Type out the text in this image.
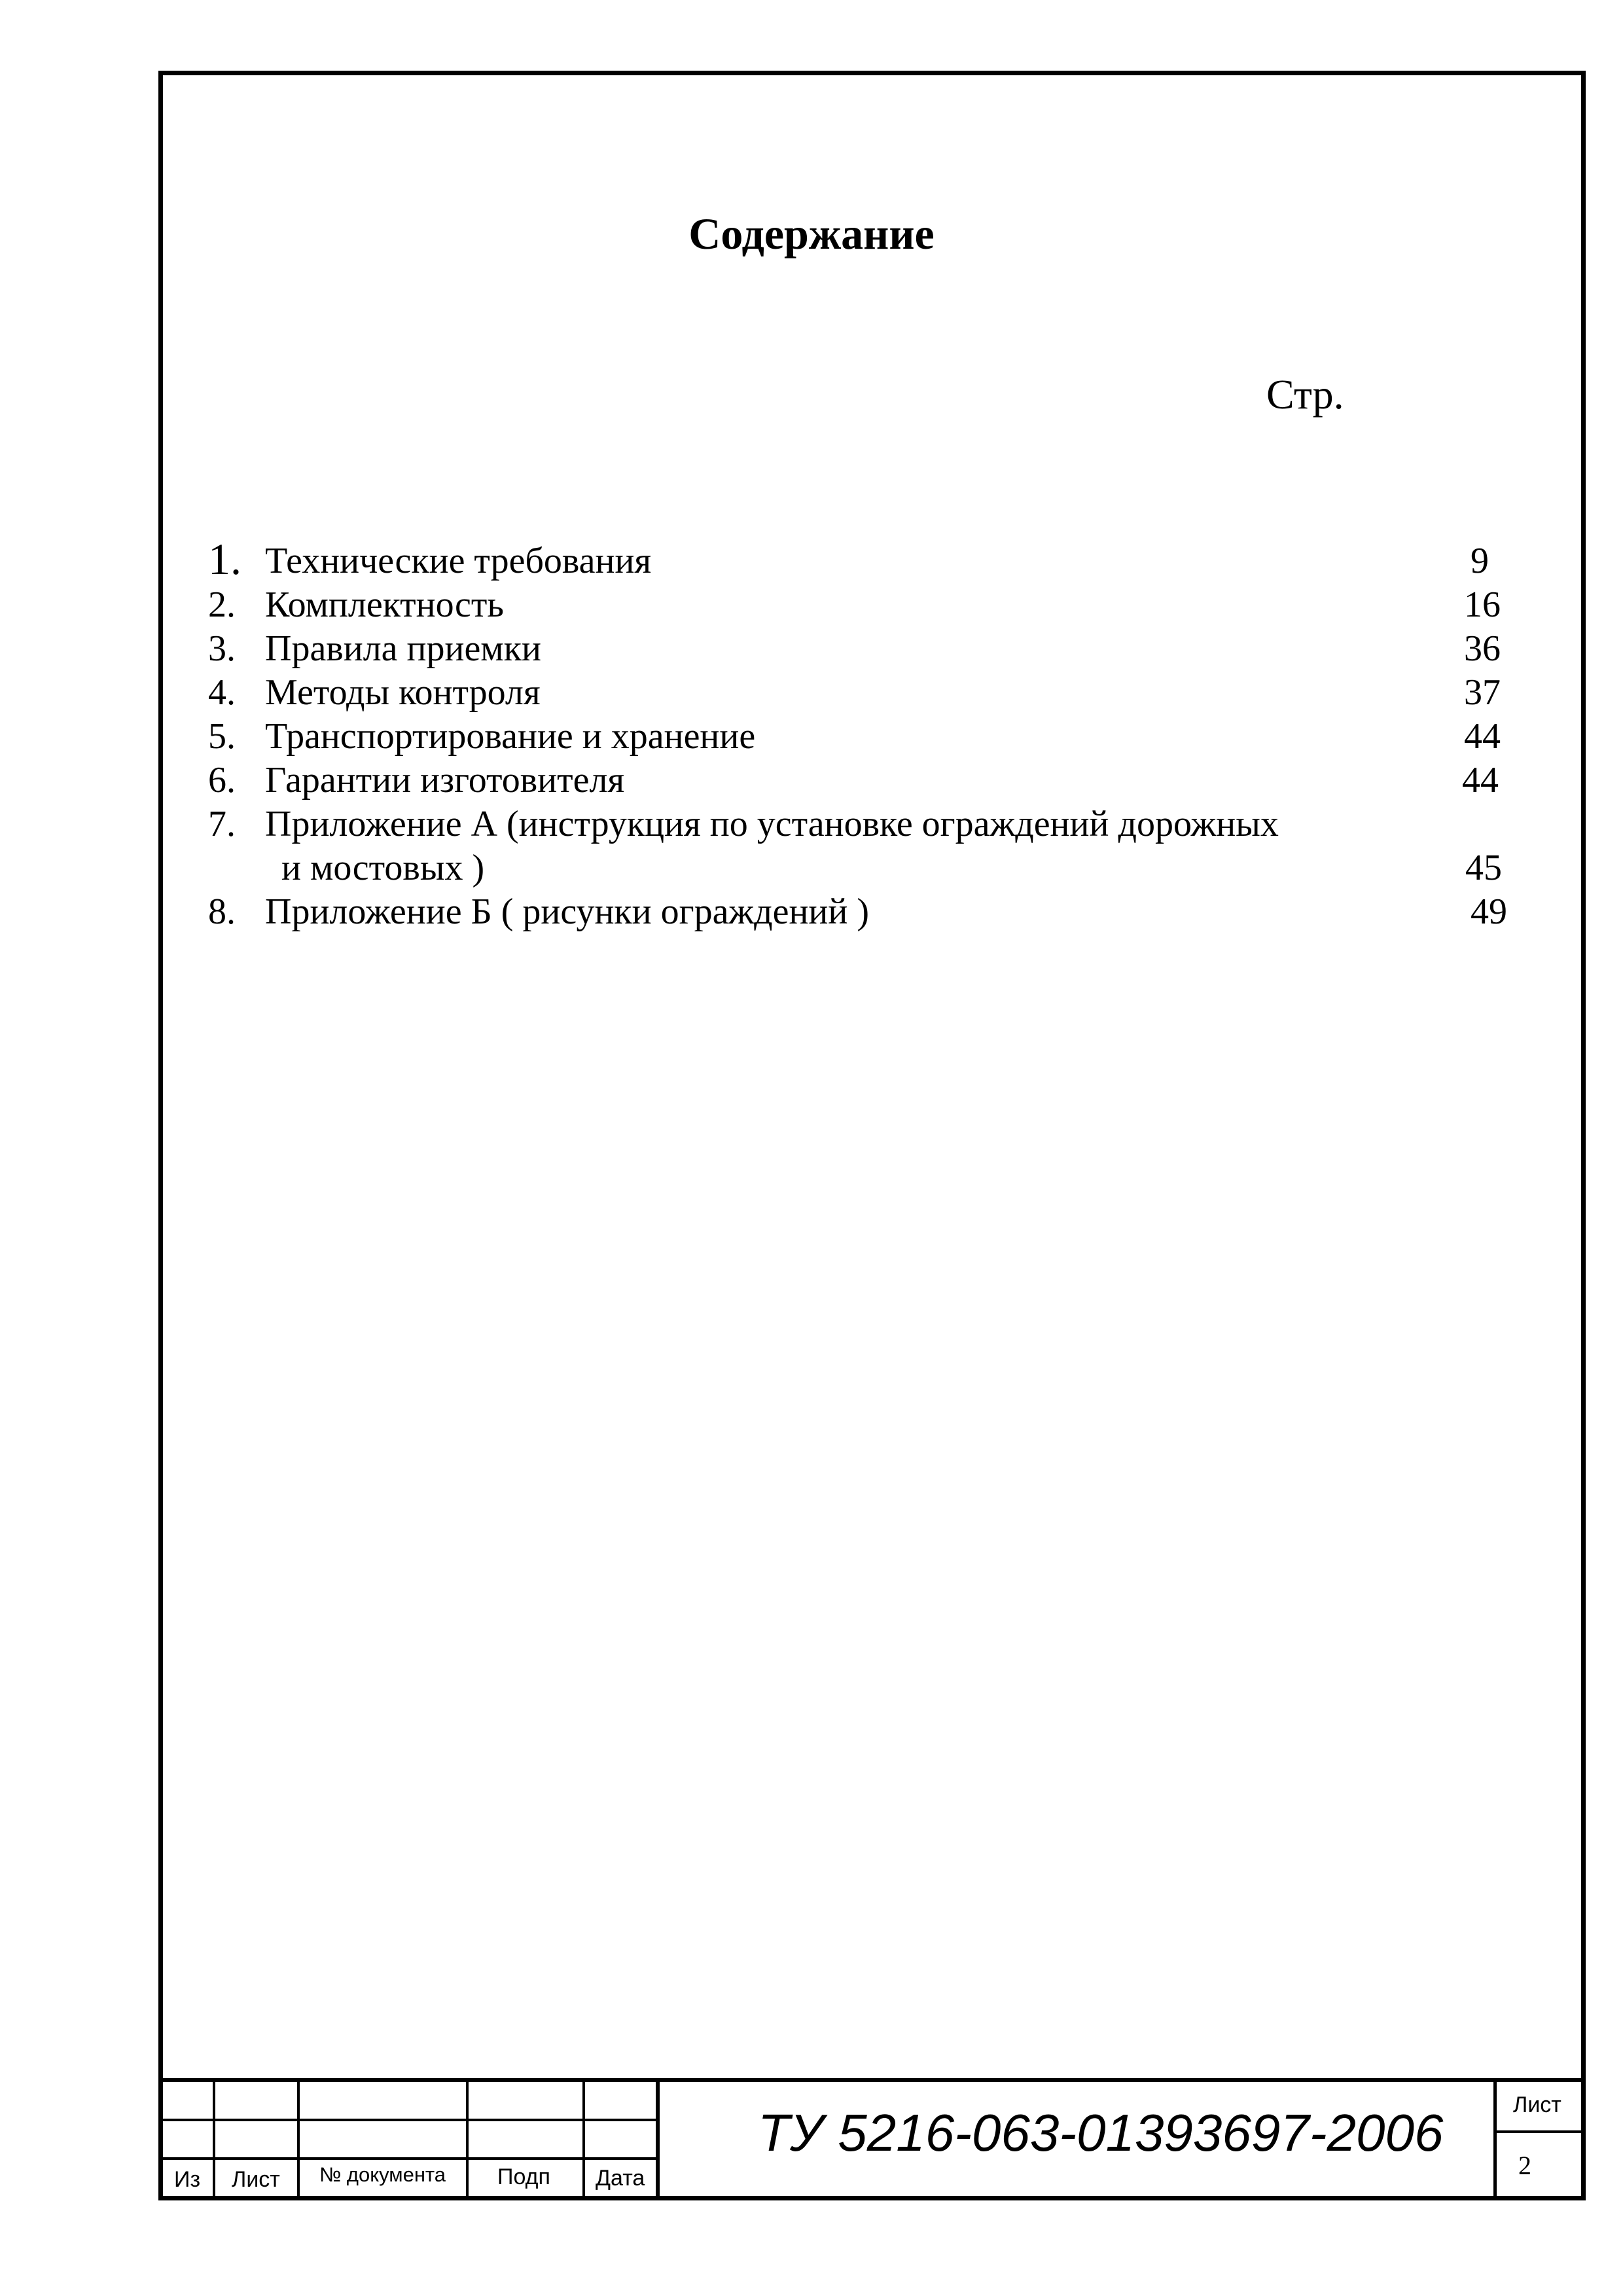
Содержание
Стр.
1. Технические требования	9
2. Комплектность	16
3. Правила приемки	36
4. Методы контроля	37
5. Транспортирование и хранение	44
6. Гарантии изготовителя	44
7. Приложение А (инструкция по установке ограждений дорожных
и мостовых )	45
8. Приложение Б ( рисунки ограждений )	49
Из Лист № документа Подп Дата
ТУ 5216-063-01393697-2006	Лист
2
